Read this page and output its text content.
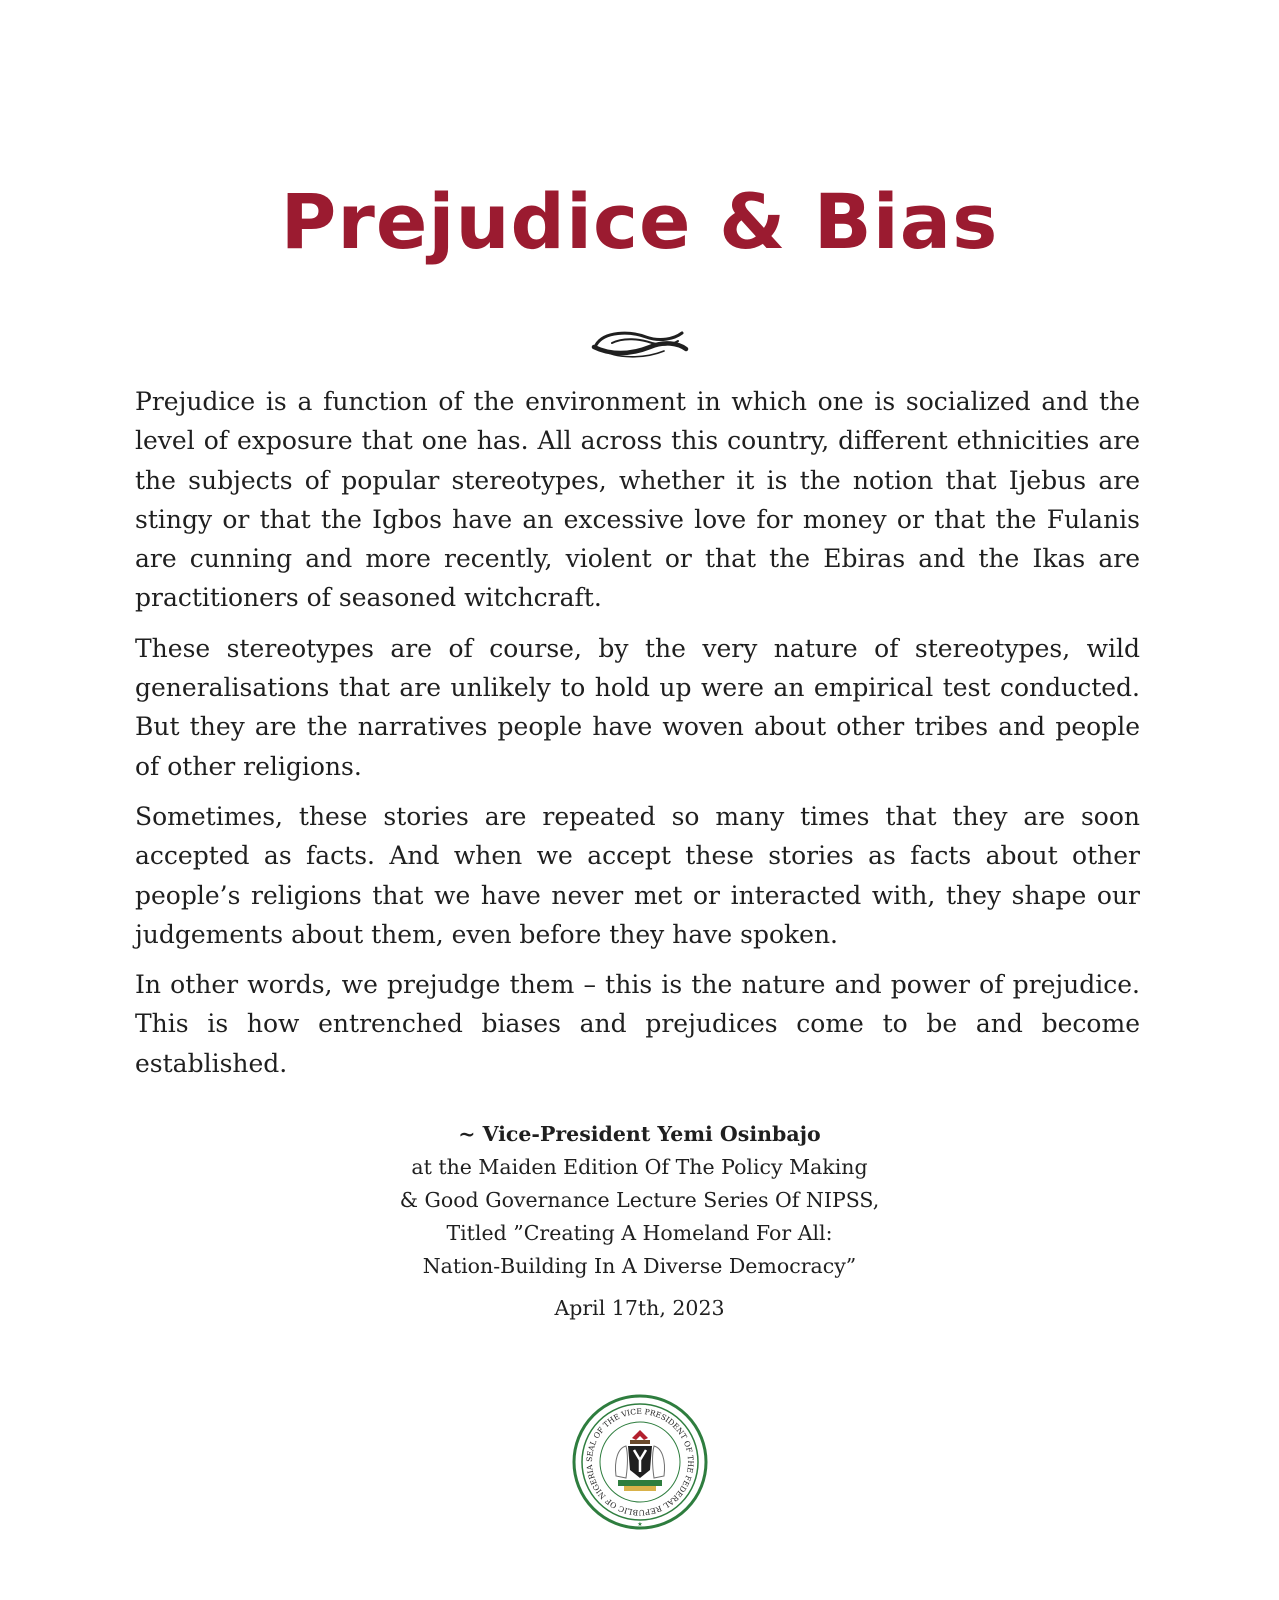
Prejudice & Bias

Prejudice is a function of the environment in which one is socialized and the level of exposure that one has. All across this country, different ethnicities are the subjects of popular stereotypes, whether it is the notion that Ijebus are stingy or that the Igbos have an excessive love for money or that the Fulanis are cunning and more recently, violent or that the Ebiras and the Ikas are practitioners of seasoned witchcraft.

These stereotypes are of course, by the very nature of stereotypes, wild generalisations that are unlikely to hold up were an empirical test conducted. But they are the narratives people have woven about other tribes and people of other religions.

Sometimes, these stories are repeated so many times that they are soon accepted as facts. And when we accept these stories as facts about other people’s religions that we have never met or interacted with, they shape our judgements about them, even before they have spoken.

In other words, we prejudge them – this is the nature and power of prejudice. This is how entrenched biases and prejudices come to be and become established.

~ Vice-President Yemi Osinbajo
at the Maiden Edition Of The Policy Making
& Good Governance Lecture Series Of NIPSS,
Titled ”Creating A Homeland For All:
Nation-Building In A Diverse Democracy”
April 17th, 2023
SEAL OF THE VICE PRESIDENT OF THE FEDERAL REPUBLIC OF NIGERIA
★
